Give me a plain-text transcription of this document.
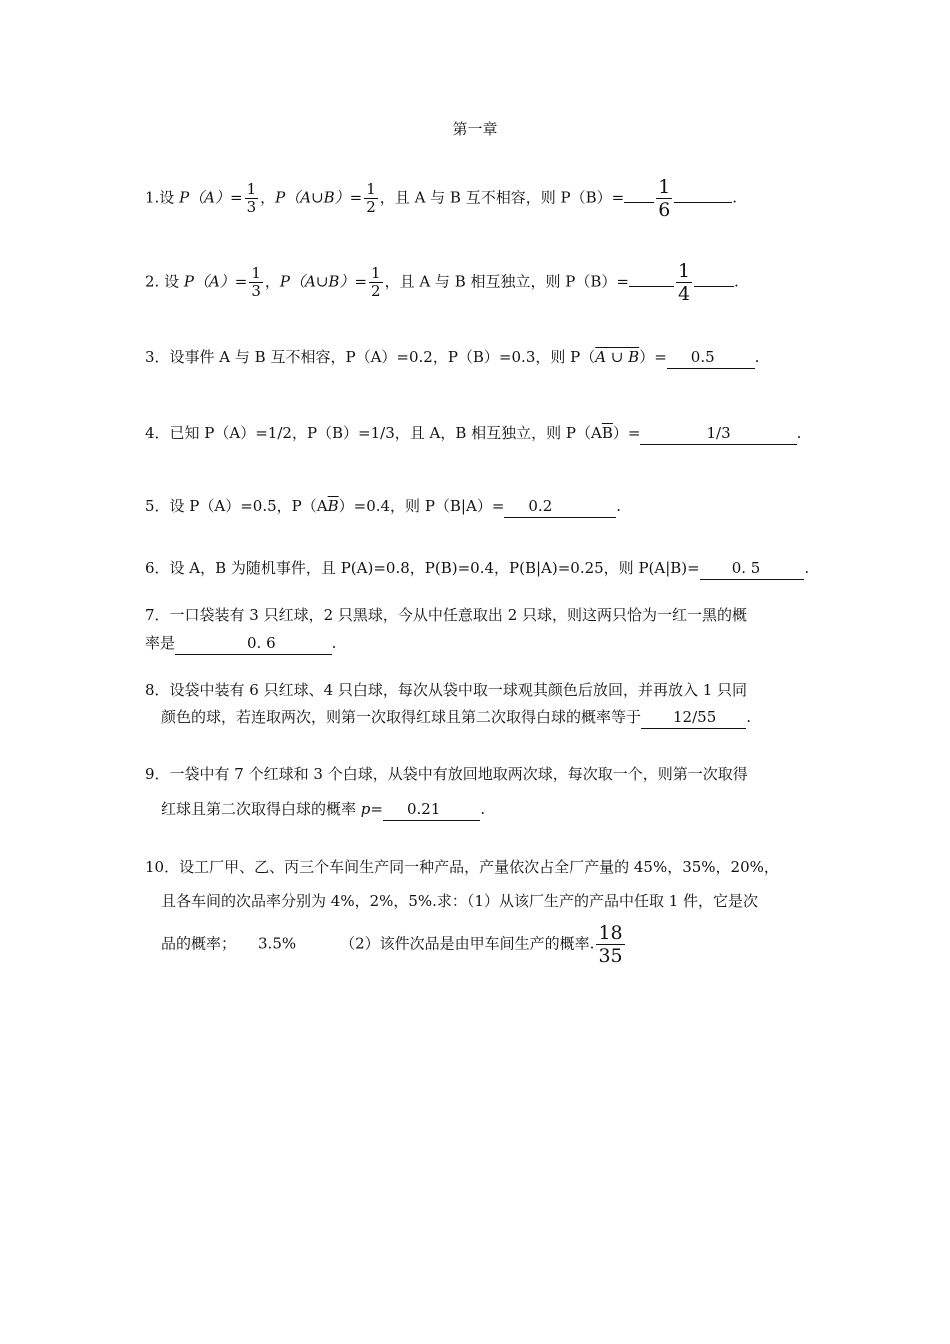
第一章
1.设 $P(A)= \frac{1}{3}$ ，P（A∪B）= $\frac{1}{2}$ ，且 A 与 B 互不相容，则 $P(B)= \frac{1}{6}$	.
2. 设 $P(A)= \frac{1}{3}$ ，P（A∪B）= $\frac{1}{2}$ ，且 A 与 B 相互独立，则 $P(B)= \frac{1}{4}$	.
3．设事件 A 与 B 互不相容，P（A）=0.2，P（B）=0.3，则 P（A ∪ B）= 0.5	.
4．已知 P（A）=1/2，P（B）=1/3，且 A，B 相互独立，则 $P(A\overline{B})=$	1/3	.
5．设 P（A）=0.5，$P(A\overline{B})=0.4$，则 P（B|A）= 0.2	.
6．设 A，B 为随机事件，且 P(A)=0.8，P(B)=0.4，P(B|A)=0.25，则 P(A|B)= 0. 5	.
7．一口袋装有 3 只红球，2 只黑球，今从中任意取出 2 只球，则这两只恰为一红一黑的概
率是	0. 6	.
8．设袋中装有 6 只红球、4 只白球，每次从袋中取一球观其颜色后放回，并再放入 1 只同
颜色的球，若连取两次，则第一次取得红球且第二次取得白球的概率等于 12/55 .
9．一袋中有 7 个红球和 3 个白球，从袋中有放回地取两次球，每次取一个，则第一次取得
红球且第二次取得白球的概率 p= 0.21	.
10．设工厂甲、乙、丙三个车间生产同一种产品，产量依次占全厂产量的 45%，35%，20%，
且各车间的次品率分别为 4%，2%，5%.求：（1）从该厂生产的产品中任取 1 件，它是次
品的概率； 3.5%	（2）该件次品是由甲车间生产的概率. $\frac{18}{35}$
